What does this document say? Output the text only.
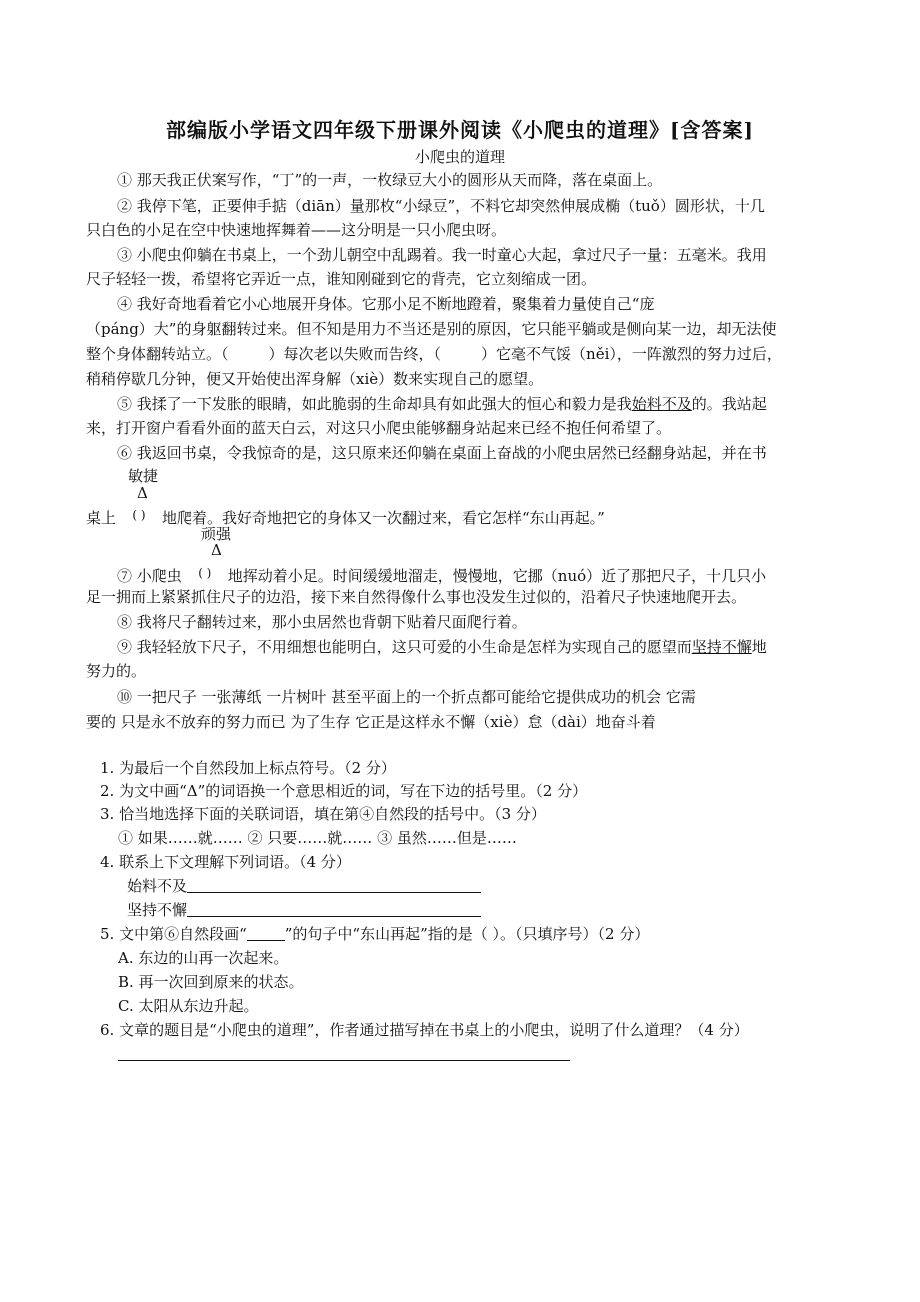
部编版小学语文四年级下册课外阅读《小爬虫的道理》[含答案]
小爬虫的道理
① 那天我正伏案写作，“丁”的一声，一枚绿豆大小的圆形从天而降，落在桌面上。
② 我停下笔，正要伸手掂（diān）量那枚“小绿豆”，不料它却突然伸展成椭（tuǒ）圆形状，十几
只白色的小足在空中快速地挥舞着——这分明是一只小爬虫呀。
③ 小爬虫仰躺在书桌上，一个劲儿朝空中乱踢着。我一时童心大起，拿过尺子一量：五毫米。我用
尺子轻轻一拨，希望将它弄近一点，谁知刚碰到它的背壳，它立刻缩成一团。
④ 我好奇地看着它小心地展开身体。它那小足不断地蹬着，聚集着力量使自己“庞
（páng）大”的身躯翻转过来。但不知是用力不当还是别的原因，它只能平躺或是侧向某一边，却无法使
整个身体翻转站立。（	）每次老以失败而告终，（	）它毫不气馁（něi），一阵激烈的努力过后，
稍稍停歇几分钟，便又开始使出浑身解（xiè）数来实现自己的愿望。
⑤ 我揉了一下发胀的眼睛，如此脆弱的生命却具有如此强大的恒心和毅力是我始料不及的。我站起
来，打开窗户看看外面的蓝天白云，对这只小爬虫能够翻身站起来已经不抱任何希望了。
⑥ 我返回书桌，令我惊奇的是，这只原来还仰躺在桌面上奋战的小爬虫居然已经翻身站起，并在书
敏捷
Δ
桌上 ( ) 地爬着。我好奇地把它的身体又一次翻过来，看它怎样“东山再起。”
顽强
Δ
⑦ 小爬虫 ( ) 地挥动着小足。时间缓缓地溜走，慢慢地，它挪（nuó）近了那把尺子，十几只小
足一拥而上紧紧抓住尺子的边沿，接下来自然得像什么事也没发生过似的，沿着尺子快速地爬开去。
⑧ 我将尺子翻转过来，那小虫居然也背朝下贴着尺面爬行着。
⑨ 我轻轻放下尺子，不用细想也能明白，这只可爱的小生命是怎样为实现自己的愿望而坚持不懈地
努力的。
⑩ 一把尺子 一张薄纸 一片树叶 甚至平面上的一个折点都可能给它提供成功的机会 它需
要的 只是永不放弃的努力而已 为了生存 它正是这样永不懈（xiè）怠（dài）地奋斗着
1. 为最后一个自然段加上标点符号。（2 分）
2. 为文中画“Δ”的词语换一个意思相近的词，写在下边的括号里。（2 分）
3. 恰当地选择下面的关联词语，填在第④自然段的括号中。（3 分）
① 如果……就…… ② 只要……就…… ③ 虽然……但是……
4. 联系上下文理解下列词语。（4 分）
始料不及
坚持不懈
5. 文中第⑥自然段画“	”的句子中“东山再起”指的是（ ）。（只填序号）（2 分）
A. 东边的山再一次起来。
B. 再一次回到原来的状态。
C. 太阳从东边升起。
6. 文章的题目是“小爬虫的道理”，作者通过描写掉在书桌上的小爬虫，说明了什么道理？（4 分）
